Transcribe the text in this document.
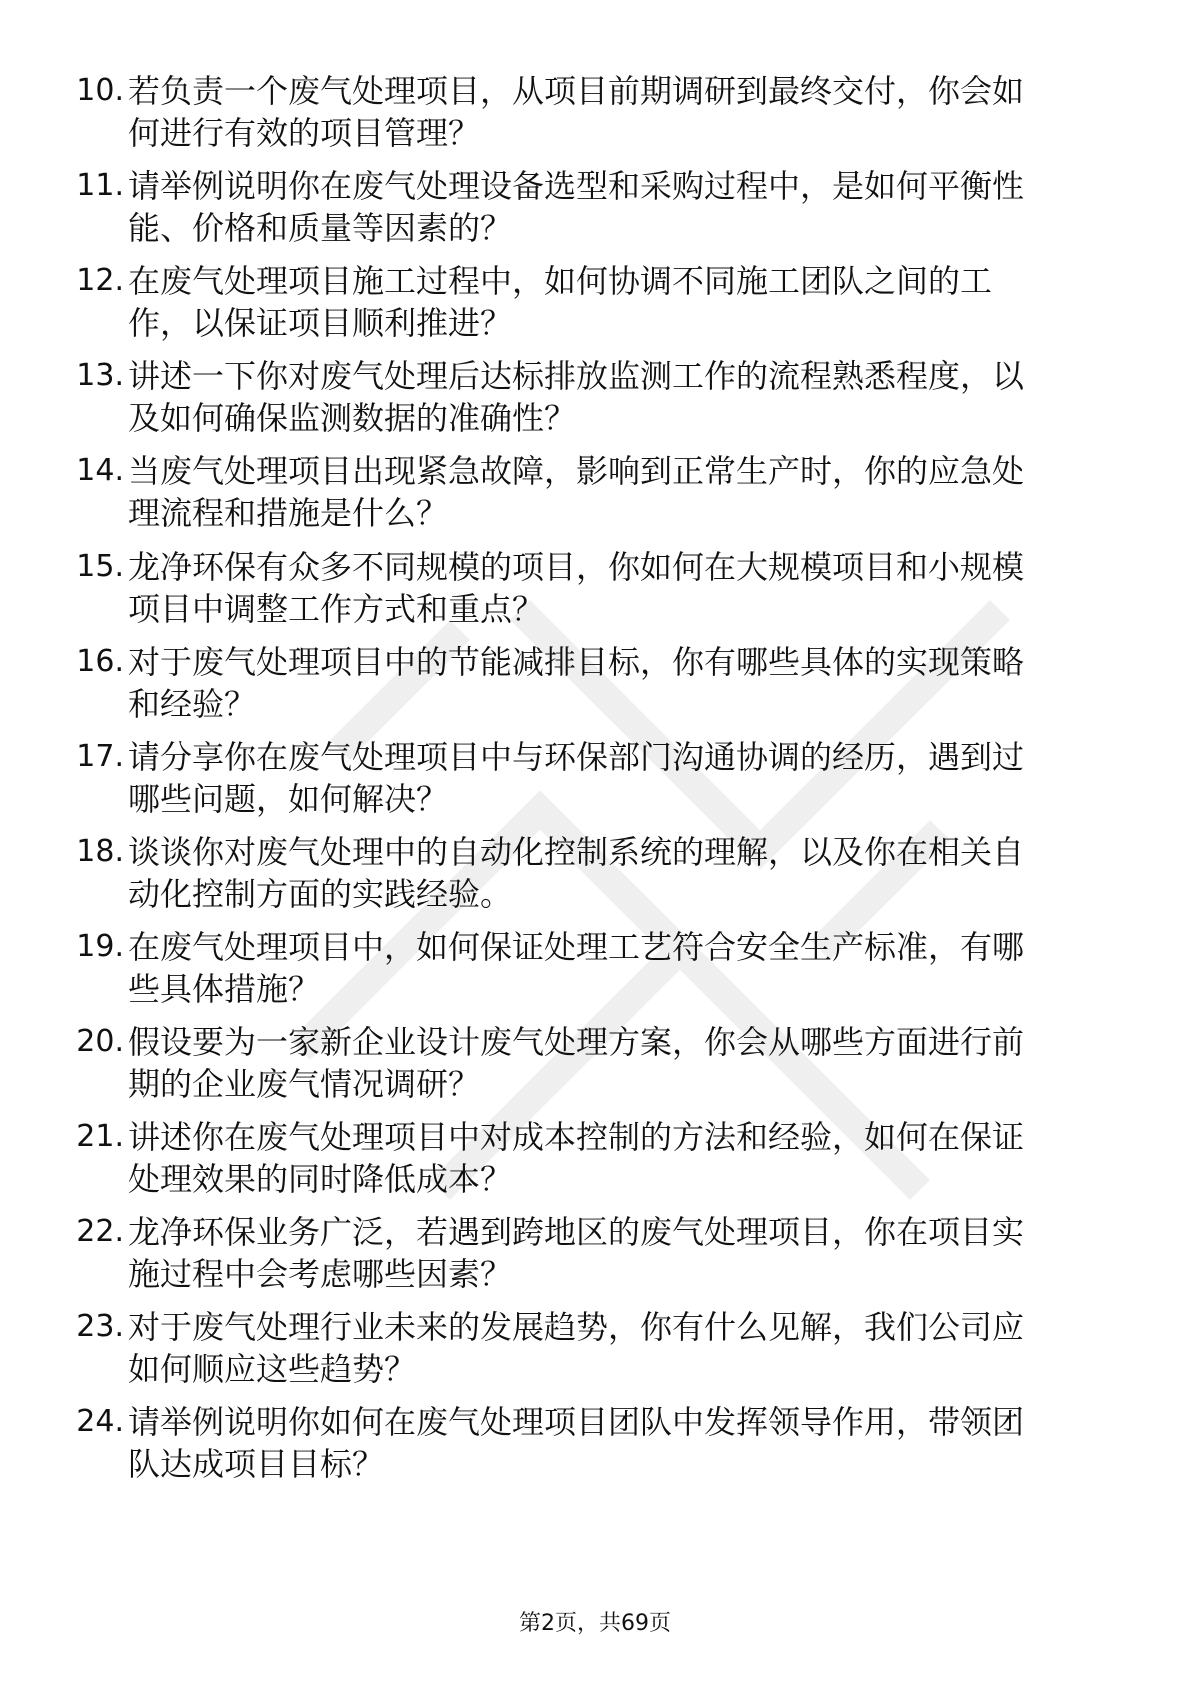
10. 若负责一个废气处理项目，从项目前期调研到最终交付，你会如
何进行有效的项目管理？
11. 请举例说明你在废气处理设备选型和采购过程中，是如何平衡性
能、价格和质量等因素的？
12. 在废气处理项目施工过程中，如何协调不同施工团队之间的工
作，以保证项目顺利推进？
13. 讲述一下你对废气处理后达标排放监测工作的流程熟悉程度，以
及如何确保监测数据的准确性？
14. 当废气处理项目出现紧急故障，影响到正常生产时，你的应急处
理流程和措施是什么？
15. 龙净环保有众多不同规模的项目，你如何在大规模项目和小规模
项目中调整工作方式和重点？
16. 对于废气处理项目中的节能减排目标，你有哪些具体的实现策略
和经验？
17. 请分享你在废气处理项目中与环保部门沟通协调的经历，遇到过
哪些问题，如何解决？
18. 谈谈你对废气处理中的自动化控制系统的理解，以及你在相关自
动化控制方面的实践经验。
19. 在废气处理项目中，如何保证处理工艺符合安全生产标准，有哪
些具体措施？
20. 假设要为一家新企业设计废气处理方案，你会从哪些方面进行前
期的企业废气情况调研？
21. 讲述你在废气处理项目中对成本控制的方法和经验，如何在保证
处理效果的同时降低成本？
22. 龙净环保业务广泛，若遇到跨地区的废气处理项目，你在项目实
施过程中会考虑哪些因素？
23. 对于废气处理行业未来的发展趋势，你有什么见解，我们公司应
如何顺应这些趋势？
24. 请举例说明你如何在废气处理项目团队中发挥领导作用，带领团
队达成项目目标？
第2页，共69页
